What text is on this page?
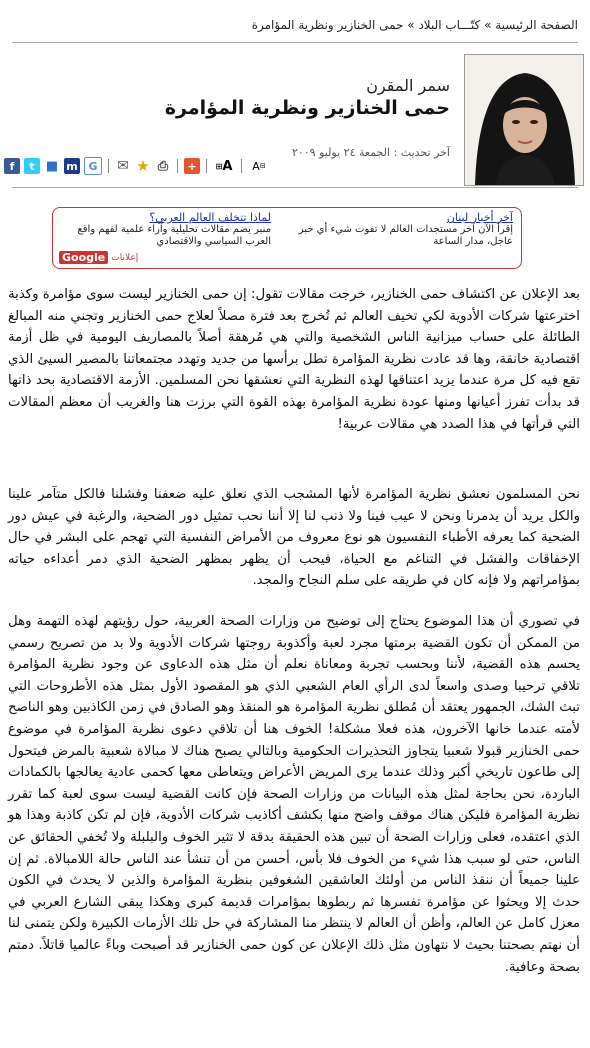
الصفحة الرئيسية » كتّـــاب البلاد » حمى الخنازير ونظرية المؤامرة
سمر المقرن
حمى الخنازير ونظرية المؤامرة
آخر تحديث : الجمعة ٢٤ يوليو ٢٠٠٩
f	t ■ m G	✉ ★ ⎙	+	⊞ A A ⊟
آخر أخبار لبنان
إقرأ الآن آخر مستجدات العالم لا تفوت شيء أي خبر عاجل، مدار الساعة
لماذا تتخلف العالم العربي؟
منبر يضم مقالات تحليلية وآراء علمية لفهم واقع العرب السياسي والاقتصادي
Google إعلانات

بعد الإعلان عن اكتشاف حمى الخنازير، خرجت مقالات تقول: إن حمى الخنازير ليست سوى مؤامرة وكذبة اخترعتها شركات الأدوية لكي تخيف العالم ثم تُخرج بعد فترة مصلاً لعلاج حمى الخنازير وتجني منه المبالغ الطائلة على حساب ميزانية الناس الشخصية والتي هي مُرهقة أصلاً بالمصاريف اليومية في ظل أزمة اقتصادية خانقة، وها قد عادت نظرية المؤامرة تطل برأسها من جديد وتهدد مجتمعاتنا بالمصير السيئ الذي تقع فيه كل مرة عندما يزيد اعتناقها لهذه النظرية التي نعشقها نحن المسلمين. الأزمة الاقتصادية بحد ذاتها قد بدأت تفرز أعيانها ومنها عودة نظرية المؤامرة بهذه القوة التي برزت هنا والغريب أن معظم المقالات التي قرأتها في هذا الصدد هي مقالات عربية!

نحن المسلمون نعشق نظرية المؤامرة لأنها المشجب الذي نعلق عليه ضعفنا وفشلنا فالكل متآمر علينا والكل يريد أن يدمرنا ونحن لا عيب فينا ولا ذنب لنا إلا أننا نحب تمثيل دور الضحية، والرغبة في عيش دور الضحية كما يعرفه الأطباء النفسيون هو نوع معروف من الأمراض النفسية التي تهجم على البشر في حال الإخفاقات والفشل في التناغم مع الحياة، فيحب أن يظهر بمظهر الضحية الذي دمر أعداءه حياته بمؤامراتهم ولا فإنه كان في طريقه على سلم النجاح والمجد.

في تصوري أن هذا الموضوع يحتاج إلى توضيح من وزارات الصحة العربية، حول رؤيتهم لهذه التهمة وهل من الممكن أن تكون القضية برمتها مجرد لعبة وأكذوبة روجتها شركات الأدوية ولا بد من تصريح رسمي يحسم هذه القضية، لأننا وبحسب تجربة ومعاناة نعلم أن مثل هذه الدعاوى عن وجود نظرية المؤامرة تلاقي ترحيبا وصدى واسعاً لدى الرأي العام الشعبي الذي هو المقصود الأول بمثل هذه الأطروحات التي تبث الشك، الجمهور يعتقد أن مُطلق نظرية المؤامرة هو المنقذ وهو الصادق في زمن الكاذبين وهو الناصح لأمته عندما خانها الآخرون، هذه فعلا مشكلة! الخوف هنا أن تلاقي دعوى نظرية المؤامرة في موضوع حمى الخنازير قبولا شعبيا يتجاوز التحذيرات الحكومية وبالتالي يصبح هناك لا مبالاة شعبية بالمرض فيتحول إلى طاعون تاريخي أكبر وذلك عندما يرى المريض الأعراض ويتعاطى معها كحمى عادية يعالجها بالكمادات الباردة، نحن بحاجة لمثل هذه البيانات من وزارات الصحة فإن كانت القضية ليست سوى لعبة كما تقرر نظرية المؤامرة فليكن هناك موقف واضح منها بكشف أكاذيب شركات الأدوية، فإن لم تكن كاذبة وهذا هو الذي اعتقده، فعلى وزارات الصحة أن تبين هذه الحقيقة بدقة لا تثير الخوف والبلبلة ولا تُخفي الحقائق عن الناس، حتى لو سبب هذا شيء من الخوف فلا بأس، أحسن من أن تنشأ عند الناس حالة اللامبالاة. ثم إن علينا جميعاً أن ننقذ الناس من أولئك العاشقين الشغوفين بنظرية المؤامرة والذين لا يحدث في الكون حدث إلا ويحثوا عن مؤامرة تفسرها ثم ربطوها بمؤامرات قديمة كبرى وهكذا يبقى الشارع العربي في معزل كامل عن العالم، وأظن أن العالم لا ينتظر منا المشاركة في حل تلك الأزمات الكبيرة ولكن يتمنى لنا أن نهتم بصحتنا بحيث لا نتهاون مثل ذلك الإعلان عن كون حمى الخنازير قد أصبحت وباءً عالميا قاتلاً. دمتم بصحة وعافية.
